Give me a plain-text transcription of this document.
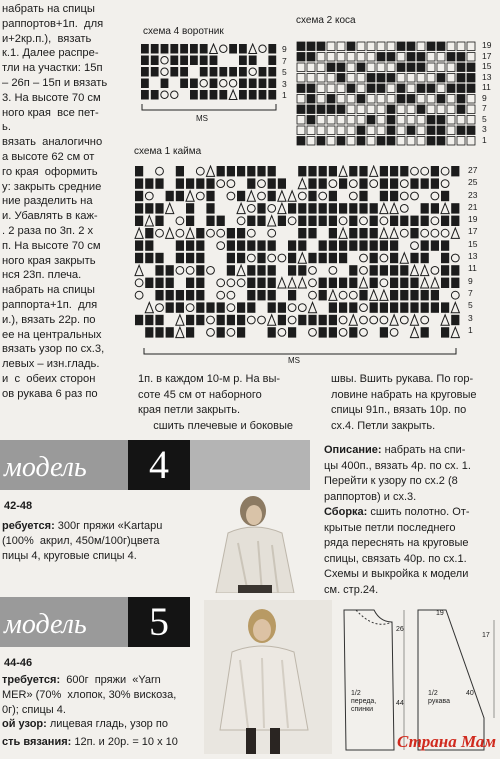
набрать на спицы
раппортов+1п.  для
и+2кр.п.),  вязать
к.1. Далее распре-
тли на участки: 15п
– 26п – 15п и вязать
3. На высоте 70 см
ного края  все пет-
ь.
вязать  аналогично
а высоте 62 см от
го края  оформить
у: закрыть средние
ние разделить на
и. Убавлять в каж-
. 2 раза по 3п. 2 х
п. На высоте 70 см
ного края закрыть
нся 23п. плеча.
набрать на спицы
раппорта+1п.  для
и.), вязать 22р. по
ее на центральных
вязать узор по сх.3,
левых – изн.гладь.
и  с  обеих сторон
ов рукава 6 раз по
схема 4 воротник
9
7
5
3
1
MS
схема 2 коса
19
17
15
13
11
9
7
5
3
1
схема 1 кайма
27
25
23
21
19
17
15
13
11
9
7
5
3
1
MS
1п. в каждом 10-м р. На вы-
соте 45 см от наборного
края петли закрыть.
сшить плечевые и боковые
швы. Вшить рукава. По гор-
ловине набрать на круговые
спицы 91п., вязать 10р. по
сх.4. Петли закрыть.
модель	4
42-48
ребуется: 300г пряжи «Kartapu
(100%  акрил, 450м/100г)цвета
пицы 4, круговые спицы 4.
Описание: набрать на спи-
цы 400п., вязать 4р. по сх. 1.
Перейти к узору по сх.2 (8
раппортов) и сх.3.
Сборка: сшить полотно. От-
крытые петли последнего
ряда переснять на круговые
спицы, связать 40р. по сх.1.
Схемы и выкройка к модели
см. стр.24.
модель	5
44-46
требуется:  600г  пряжи  «Yarn
MER» (70%  хлопок, 30% вискоза,
0г); спицы 4.
ой узор: лицевая гладь, узор по
сть вязания: 12п. и 20р. = 10 х 10
1/2
переда,
спинки
1/2
рукава
26
44
19
17
40
Страна Мам
